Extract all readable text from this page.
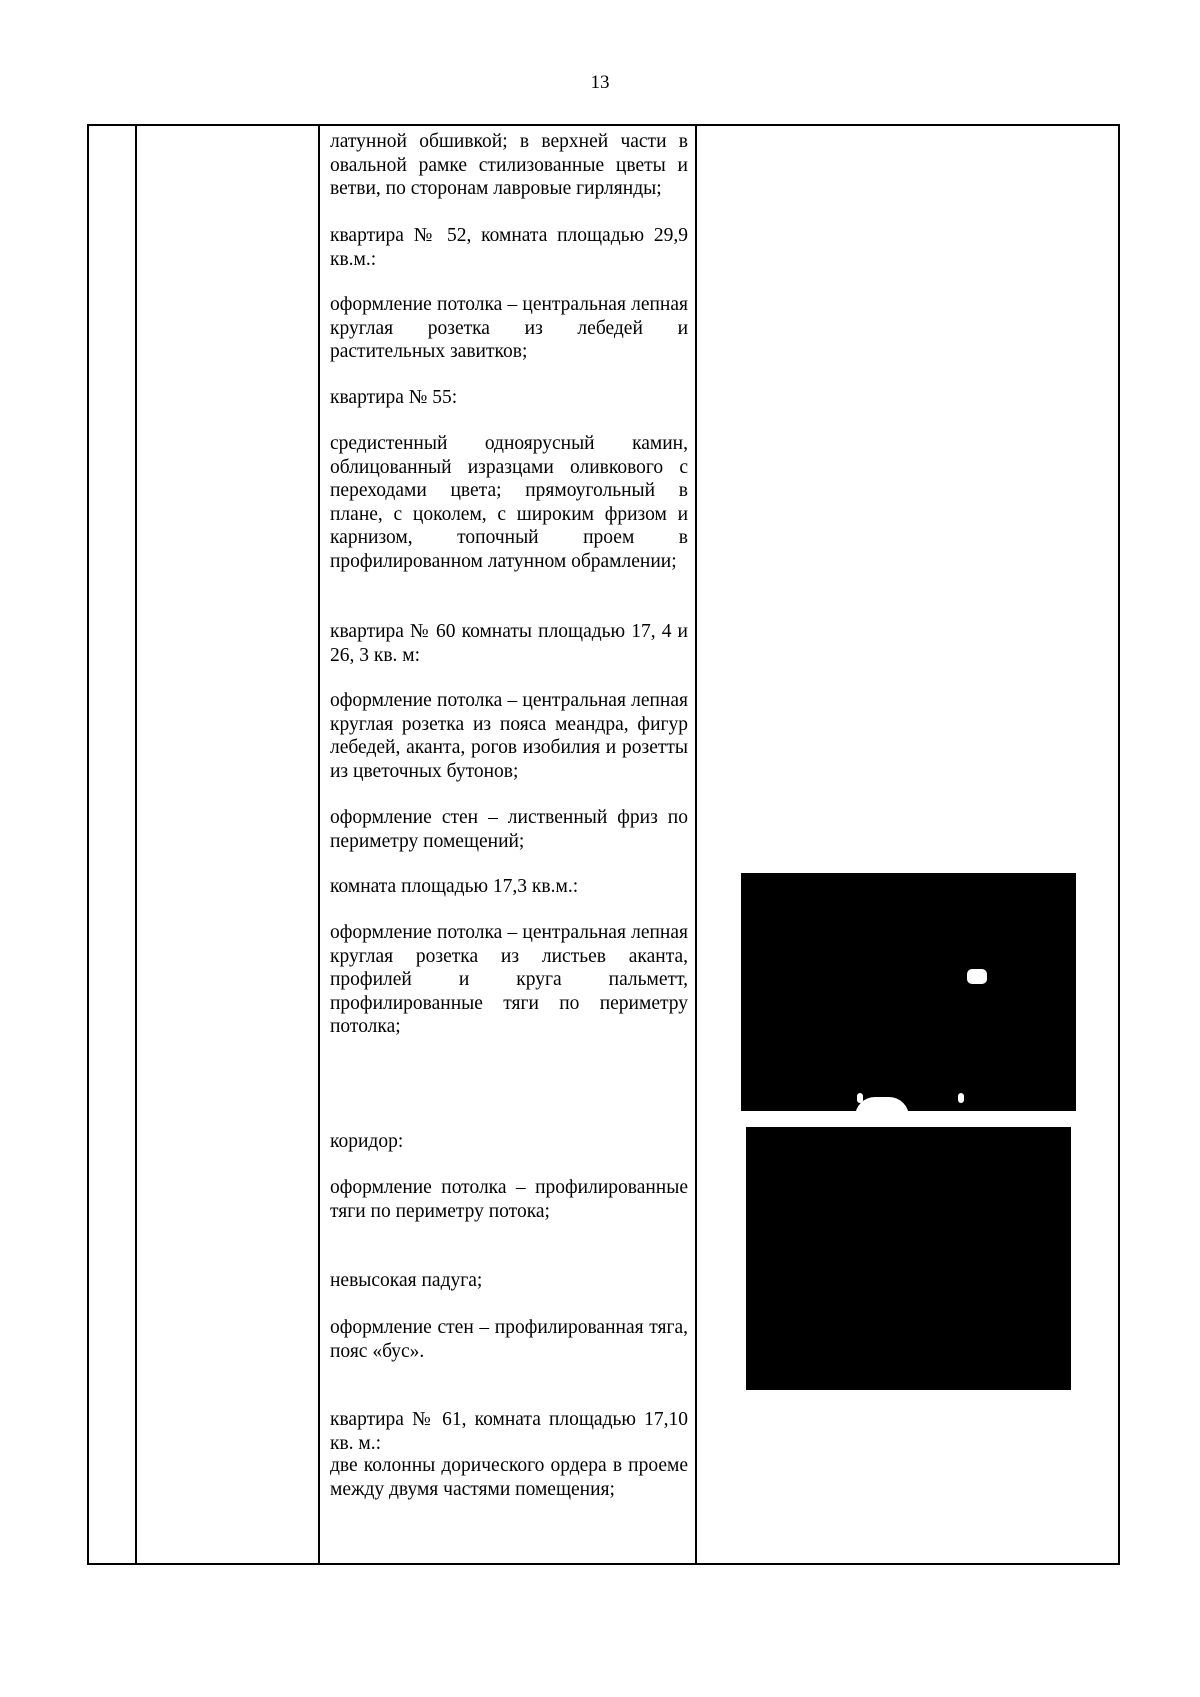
13

латунной обшивкой; в верхней части в овальной рамке стилизованные цветы и ветви, по сторонам лавровые гирлянды;

квартира № 52, комната площадью 29,9 кв.м.:

оформление потолка – центральная лепная круглая розетка из лебедей и растительных завитков;

квартира № 55:

средистенный одноярусный камин, облицованный изразцами оливкового с переходами цвета; прямоугольный в плане, с цоколем, с широким фризом и карнизом, топочный проем в профилированном латунном обрамлении;

квартира № 60 комнаты площадью 17, 4 и 26, 3 кв. м:

оформление потолка – центральная лепная круглая розетка из пояса меандра, фигур лебедей, аканта, рогов изобилия и розетты из цветочных бутонов;

оформление стен – лиственный фриз по периметру помещений;

комната площадью 17,3 кв.м.:

оформление потолка – центральная лепная круглая розетка из листьев аканта, профилей и круга пальметт, профилированные тяги по периметру потолка;

коридор:

оформление потолка – профилированные тяги по периметру потока;

невысокая падуга;

оформление стен – профилированная тяга, пояс «бус».

квартира № 61, комната площадью 17,10 кв. м.:

две колонны дорического ордера в проеме между двумя частями помещения;
